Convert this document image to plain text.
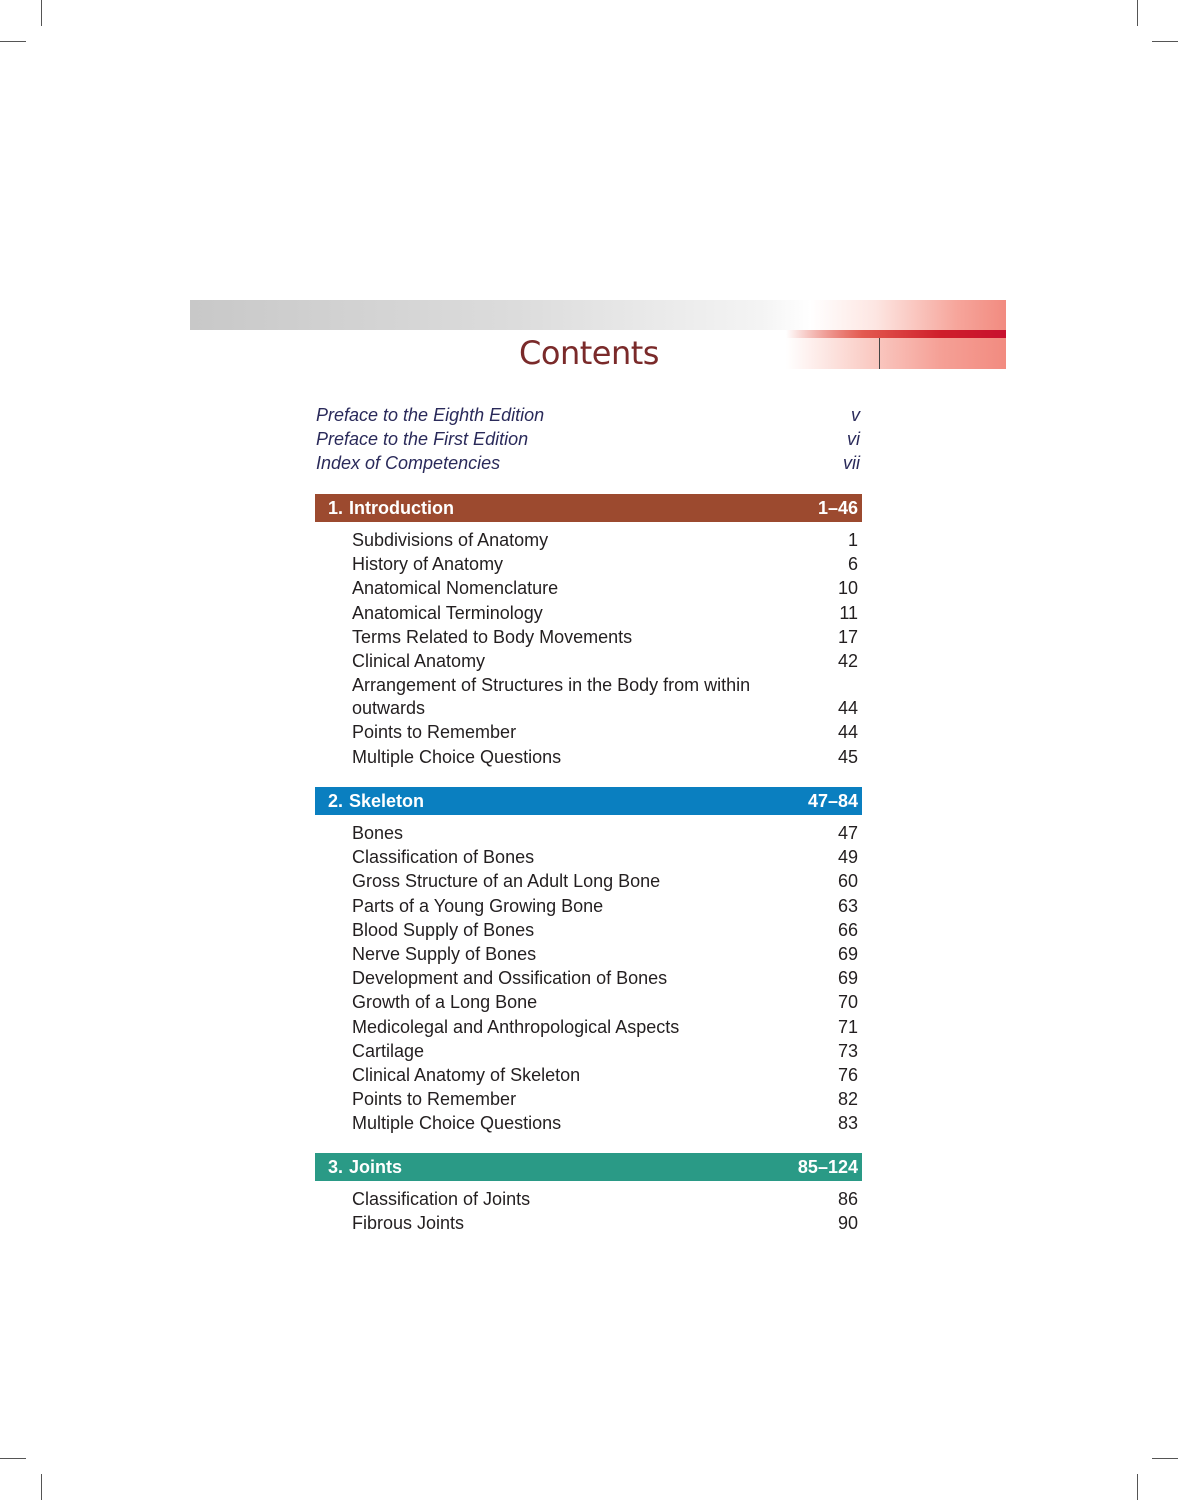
Contents
Preface to the Eighth Edition	v
Preface to the First Edition	vi
Index of Competencies	vii
1. Introduction	1–46
Subdivisions of Anatomy	1
History of Anatomy	6
Anatomical Nomenclature	10
Anatomical Terminology	11
Terms Related to Body Movements	17
Clinical Anatomy	42
Arrangement of Structures in the Body from within outwards	44
Points to Remember	44
Multiple Choice Questions	45
2. Skeleton	47–84
Bones	47
Classification of Bones	49
Gross Structure of an Adult Long Bone	60
Parts of a Young Growing Bone	63
Blood Supply of Bones	66
Nerve Supply of Bones	69
Development and Ossification of Bones	69
Growth of a Long Bone	70
Medicolegal and Anthropological Aspects	71
Cartilage	73
Clinical Anatomy of Skeleton	76
Points to Remember	82
Multiple Choice Questions	83
3. Joints	85–124
Classification of Joints	86
Fibrous Joints	90
